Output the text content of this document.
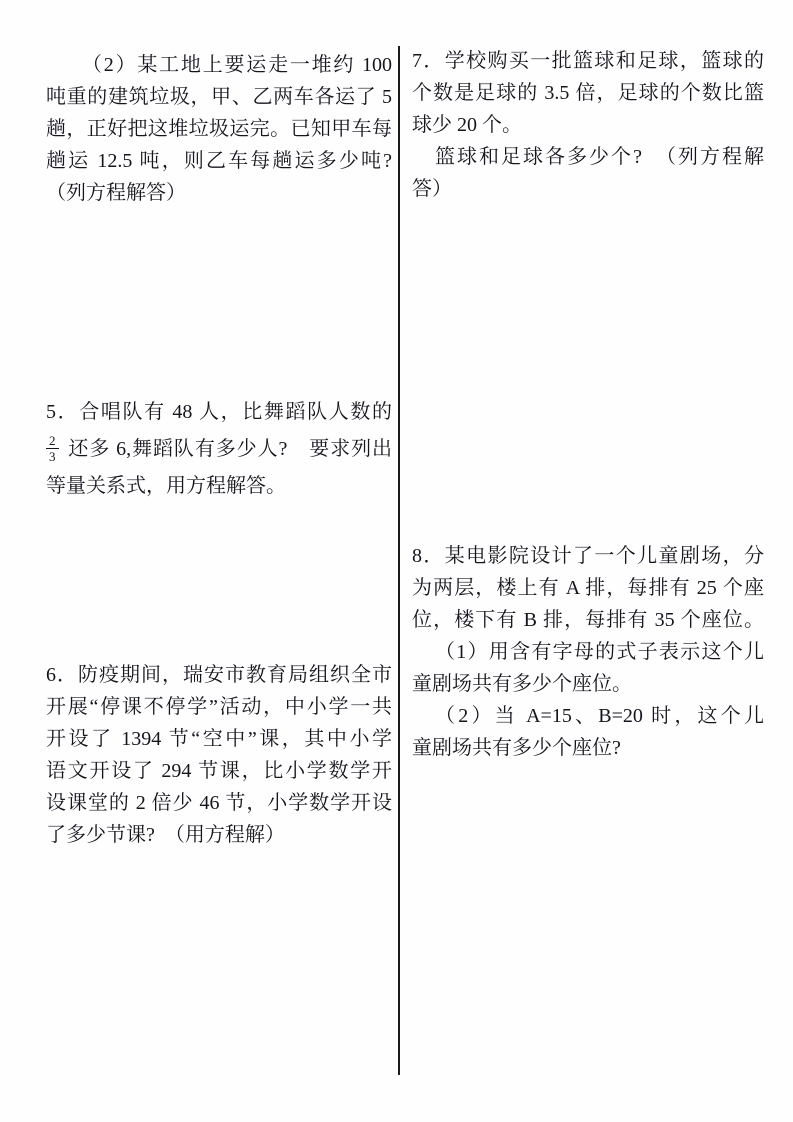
（2）某工地上要运走一堆约 100
吨重的建筑垃圾，甲、乙两车各运了 5
趟，正好把这堆垃圾运完。已知甲车每
趟运 12.5 吨，则乙车每趟运多少吨?
（列方程解答）
5．合唱队有 48 人，比舞蹈队人数的
$\frac{2}{3}$ 还多 6,舞蹈队有多少人?　要求列出
等量关系式，用方程解答。
6．防疫期间，瑞安市教育局组织全市
开展“停课不停学”活动，中小学一共
开设了 1394 节“空中”课，其中小学
语文开设了 294 节课，比小学数学开
设课堂的 2 倍少 46 节，小学数学开设
了多少节课?　（用方程解）
7．学校购买一批篮球和足球，篮球的
个数是足球的 3.5 倍，足球的个数比篮
球少 20 个。
篮球和足球各多少个?　（列方程解
答）
8．某电影院设计了一个儿童剧场，分
为两层，楼上有 A 排，每排有 25 个座
位，楼下有 B 排，每排有 35 个座位。
（1）用含有字母的式子表示这个儿
童剧场共有多少个座位。
（2）当 A=15、B=20 时，这个儿
童剧场共有多少个座位?
